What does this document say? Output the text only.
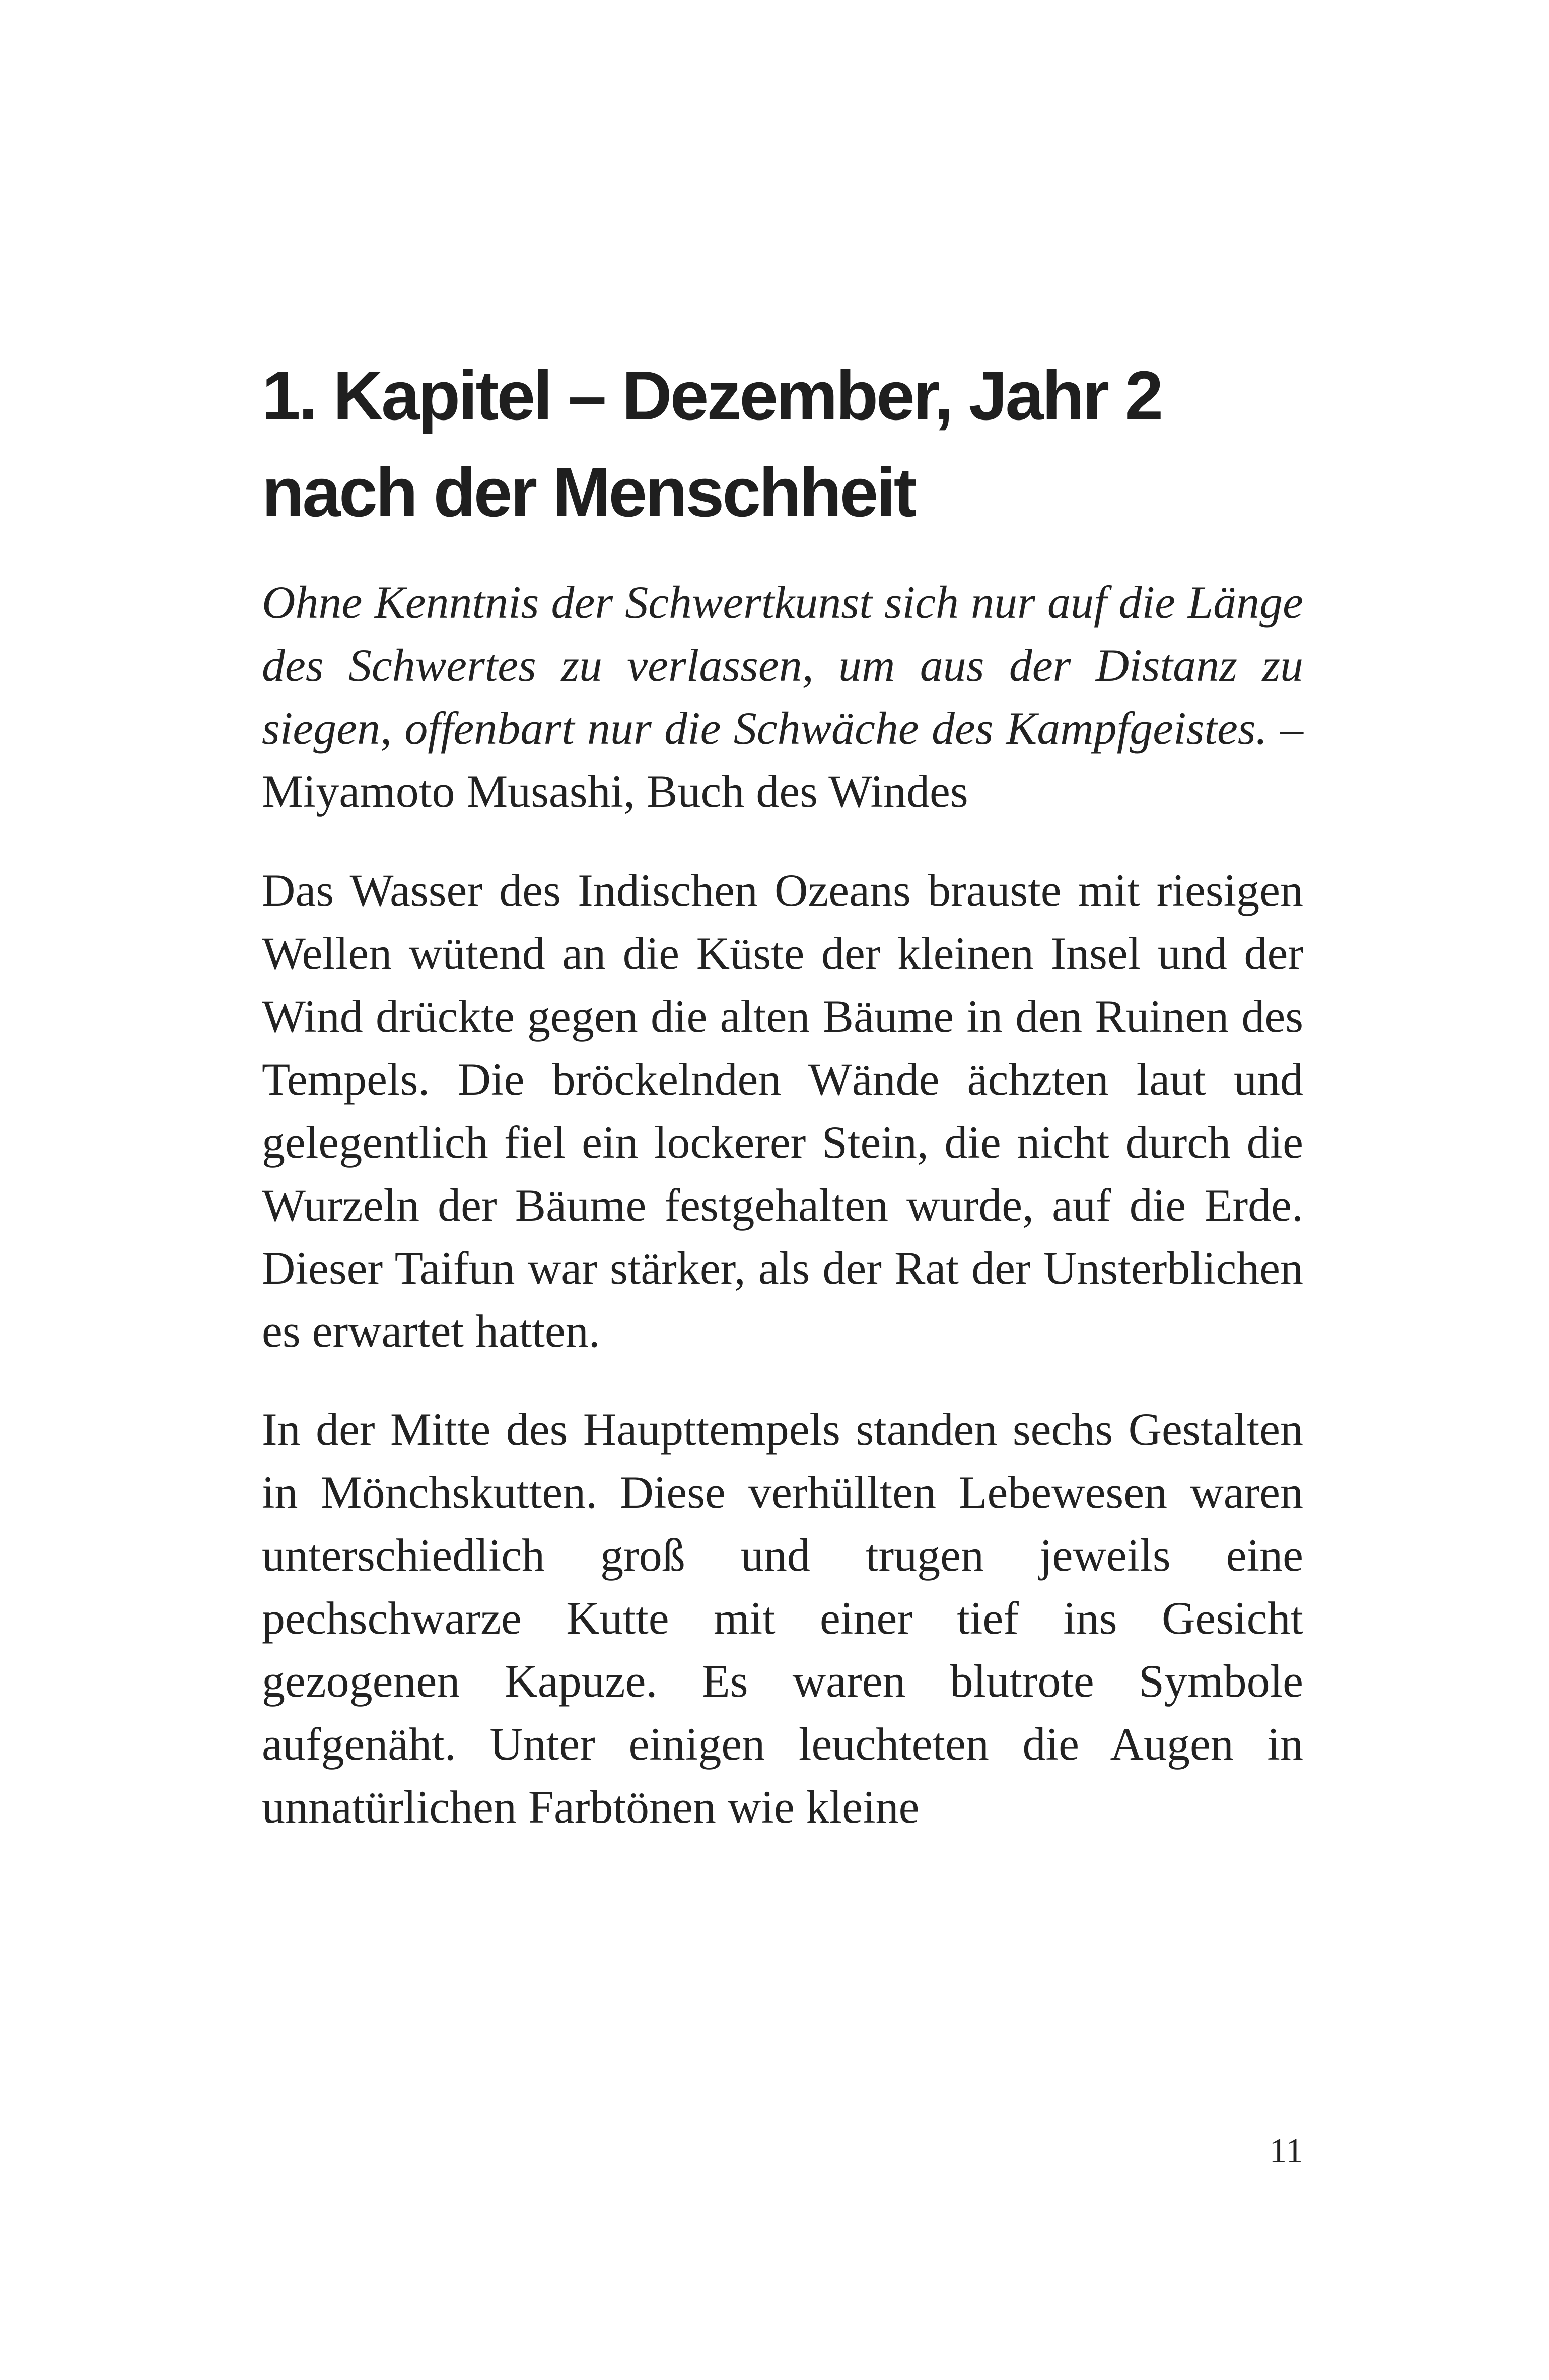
1. Kapitel – Dezember, Jahr 2 nach der Menschheit

Ohne Kenntnis der Schwertkunst sich nur auf die Länge des Schwertes zu verlassen, um aus der Distanz zu siegen, offenbart nur die Schwäche des Kampfgeistes. – Miyamoto Musashi, Buch des Windes

Das Wasser des Indischen Ozeans brauste mit riesigen Wellen wütend an die Küste der kleinen Insel und der Wind drückte gegen die alten Bäume in den Ruinen des Tempels. Die bröckelnden Wände ächzten laut und gelegentlich fiel ein lockerer Stein, die nicht durch die Wurzeln der Bäume festgehalten wurde, auf die Erde. Dieser Taifun war stärker, als der Rat der Unsterblichen es erwartet hatten.

In der Mitte des Haupttempels standen sechs Gestalten in Mönchskutten. Diese verhüllten Lebewesen waren unterschiedlich groß und trugen jeweils eine pechschwarze Kutte mit einer tief ins Gesicht gezogenen Kapuze. Es waren blutrote Symbole aufgenäht. Unter einigen leuchteten die Augen in unnatürlichen Farbtönen wie kleine

11
